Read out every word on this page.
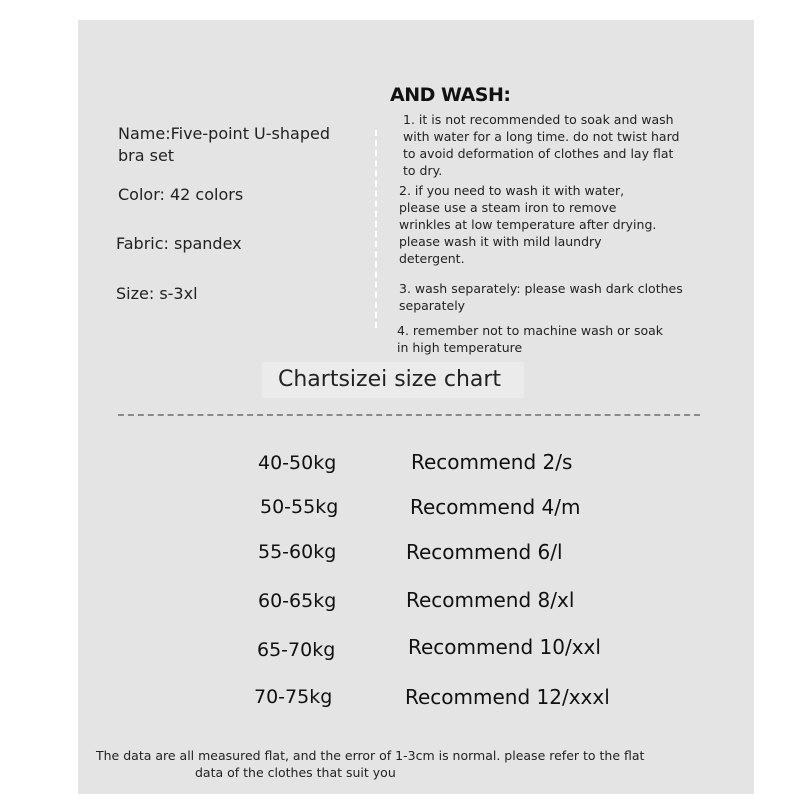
Name:Five-point U-shaped
bra set
Color: 42 colors
Fabric: spandex
Size: s-3xl
AND WASH:
1. it is not recommended to soak and wash
with water for a long time. do not twist hard
to avoid deformation of clothes and lay flat
to dry.
2. if you need to wash it with water,
please use a steam iron to remove
wrinkles at low temperature after drying.
please wash it with mild laundry
detergent.
3. wash separately: please wash dark clothes
separately
4. remember not to machine wash or soak
in high temperature
Chartsizei size chart
40-50kg	Recommend 2/s
50-55kg	Recommend 4/m
55-60kg	Recommend 6/l
60-65kg	Recommend 8/xl
65-70kg	Recommend 10/xxl
70-75kg	Recommend 12/xxxl
The data are all measured flat, and the error of 1-3cm is normal. please refer to the flat
data of the clothes that suit you
